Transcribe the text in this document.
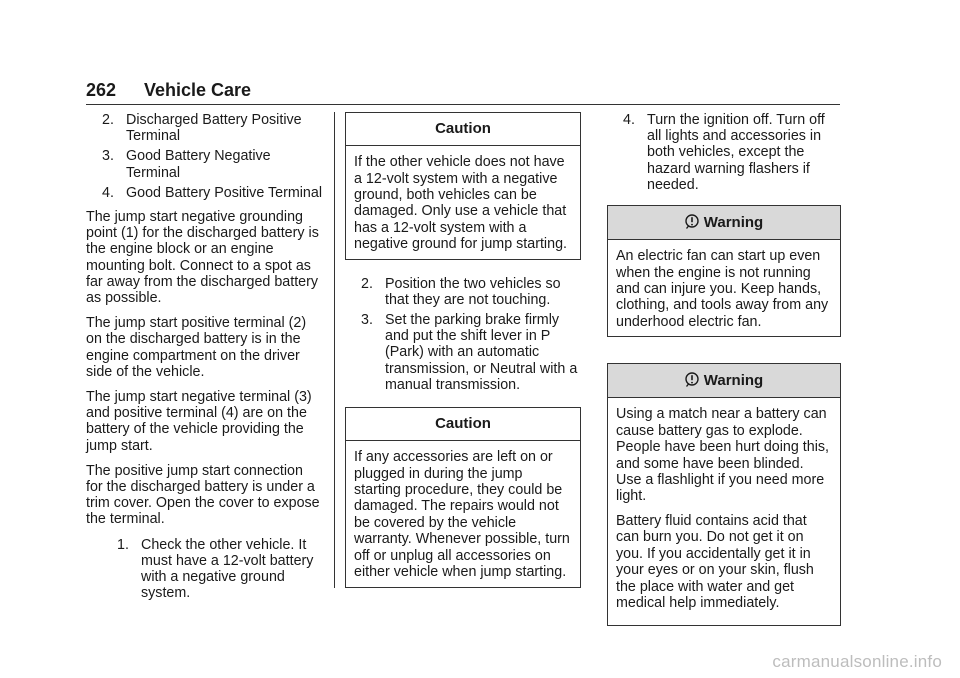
262 Vehicle Care
2. Discharged Battery Positive Terminal
3. Good Battery Negative Terminal
4. Good Battery Positive Terminal

The jump start negative grounding point (1) for the discharged battery is the engine block or an engine mounting bolt. Connect to a spot as far away from the discharged battery as possible.

The jump start positive terminal (2) on the discharged battery is in the engine compartment on the driver side of the vehicle.

The jump start negative terminal (3) and positive terminal (4) are on the battery of the vehicle providing the jump start.

The positive jump start connection for the discharged battery is under a trim cover. Open the cover to expose the terminal.

1. Check the other vehicle. It must have a 12-volt battery with a negative ground system.
Caution
If the other vehicle does not have a 12-volt system with a negative ground, both vehicles can be damaged. Only use a vehicle that has a 12-volt system with a negative ground for jump starting.
2. Position the two vehicles so that they are not touching.
3. Set the parking brake firmly and put the shift lever in P (Park) with an automatic transmission, or Neutral with a manual transmission.
Caution
If any accessories are left on or plugged in during the jump starting procedure, they could be damaged. The repairs would not be covered by the vehicle warranty. Whenever possible, turn off or unplug all accessories on either vehicle when jump starting.
4. Turn the ignition off. Turn off all lights and accessories in both vehicles, except the hazard warning flashers if needed.
Warning
An electric fan can start up even when the engine is not running and can injure you. Keep hands, clothing, and tools away from any underhood electric fan.
Warning

Using a match near a battery can cause battery gas to explode. People have been hurt doing this, and some have been blinded. Use a flashlight if you need more light.

Battery fluid contains acid that can burn you. Do not get it on you. If you accidentally get it in your eyes or on your skin, flush the place with water and get medical help immediately.

carmanualsonline.info
